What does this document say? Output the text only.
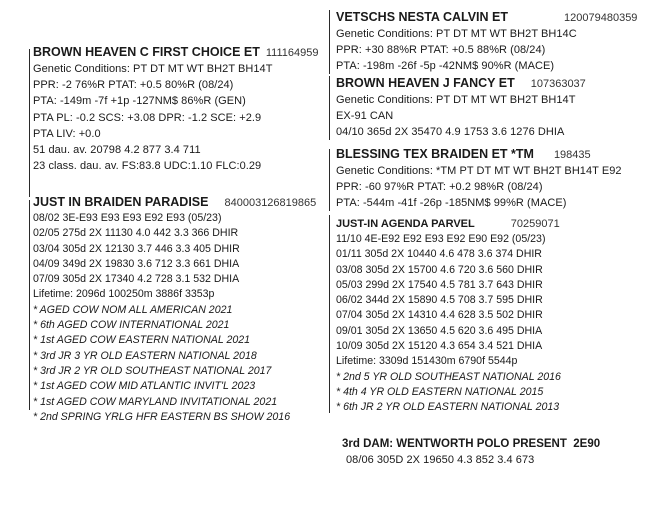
BROWN HEAVEN C FIRST CHOICE ET 111164959
Genetic Conditions: PT DT MT WT BH2T BH14T
PPR: -2 76%R PTAT: +0.5 80%R (08/24)
PTA: -149m -7f +1p -127NM$ 86%R (GEN)
PTA PL: -0.2 SCS: +3.08 DPR: -1.2 SCE: +2.9
PTA LIV: +0.0
51 dau. av. 20798 4.2 877 3.4 711
23 class. dau. av. FS:83.8 UDC:1.10 FLC:0.29
JUST IN BRAIDEN PARADISE 840003126819865
08/02 3E-E93 E93 E93 E92 E93 (05/23)
02/05 275d 2X 11130 4.0 442 3.3 366 DHIR
03/04 305d 2X 12130 3.7 446 3.3 405 DHIR
04/09 349d 2X 19830 3.6 712 3.3 661 DHIA
07/09 305d 2X 17340 4.2 728 3.1 532 DHIA
Lifetime: 2096d 100250m 3886f 3353p
* AGED COW NOM ALL AMERICAN 2021
* 6th AGED COW INTERNATIONAL 2021
* 1st AGED COW EASTERN NATIONAL 2021
* 3rd JR 3 YR OLD EASTERN NATIONAL 2018
* 3rd JR 2 YR OLD SOUTHEAST NATIONAL 2017
* 1st AGED COW MID ATLANTIC INVIT'L 2023
* 1st AGED COW MARYLAND INVITATIONAL 2021
* 2nd SPRING YRLG HFR EASTERN BS SHOW 2016
VETSCHS NESTA CALVIN ET	120079480359
Genetic Conditions: PT DT MT WT BH2T BH14C
PPR: +30 88%R PTAT: +0.5 88%R (08/24)
PTA: -198m -26f -5p -42NM$ 90%R (MACE)
BROWN HEAVEN J FANCY ET 107363037
Genetic Conditions: PT DT MT WT BH2T BH14T
EX-91 CAN
04/10 365d 2X 35470 4.9 1753 3.6 1276 DHIA
BLESSING TEX BRAIDEN ET *TM 198435
Genetic Conditions: *TM PT DT MT WT BH2T BH14T E92
PPR: -60 97%R PTAT: +0.2 98%R (08/24)
PTA: -544m -41f -26p -185NM$ 99%R (MACE)
JUST-IN AGENDA PARVEL	70259071
11/10 4E-E92 E92 E93 E92 E90 E92 (05/23)
01/11 305d 2X 10440 4.6 478 3.6 374 DHIR
03/08 305d 2X 15700 4.6 720 3.6 560 DHIR
05/03 299d 2X 17540 4.5 781 3.7 643 DHIR
06/02 344d 2X 15890 4.5 708 3.7 595 DHIR
07/04 305d 2X 14310 4.4 628 3.5 502 DHIR
09/01 305d 2X 13650 4.5 620 3.6 495 DHIA
10/09 305d 2X 15120 4.3 654 3.4 521 DHIA
Lifetime: 3309d 151430m 6790f 5544p
* 2nd 5 YR OLD SOUTHEAST NATIONAL 2016
* 4th 4 YR OLD EASTERN NATIONAL 2015
* 6th JR 2 YR OLD EASTERN NATIONAL 2013
3rd DAM: WENTWORTH POLO PRESENT  2E90
08/06 305D 2X 19650 4.3 852 3.4 673
